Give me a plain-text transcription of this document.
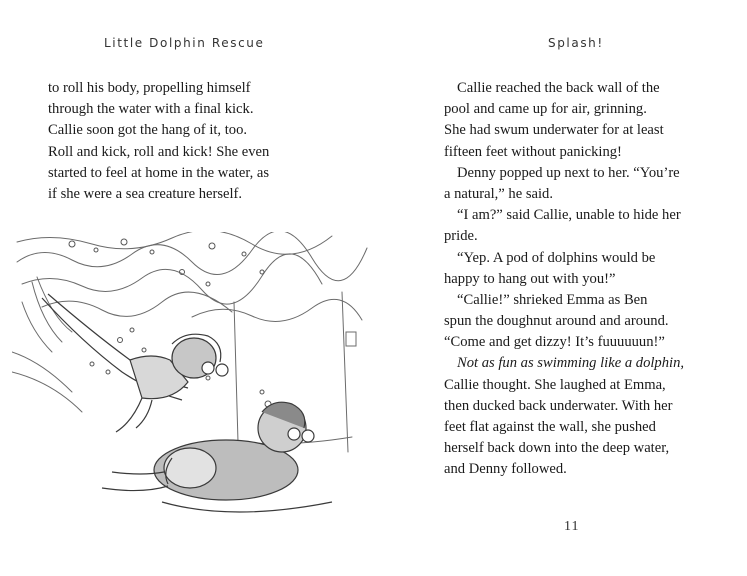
Little Dolphin Rescue
to roll his body, propelling himself
through the water with a final kick.
Callie soon got the hang of it, too.
Roll and kick, roll and kick! She even
started to feel at home in the water, as
if she were a sea creature herself.
Splash!
Callie reached the back wall of the
pool and came up for air, grinning.
She had swum underwater for at least
fifteen feet without panicking!
Denny popped up next to her. “You’re
a natural,” he said.
“I am?” said Callie, unable to hide her
pride.
“Yep. A pod of dolphins would be
happy to hang out with you!”
“Callie!” shrieked Emma as Ben
spun the doughnut around and around.
“Come and get dizzy! It’s fuuuuuun!”
Not as fun as swimming like a dolphin,
Callie thought. She laughed at Emma,
then ducked back underwater. With her
feet flat against the wall, she pushed
herself back down into the deep water,
and Denny followed.
11
